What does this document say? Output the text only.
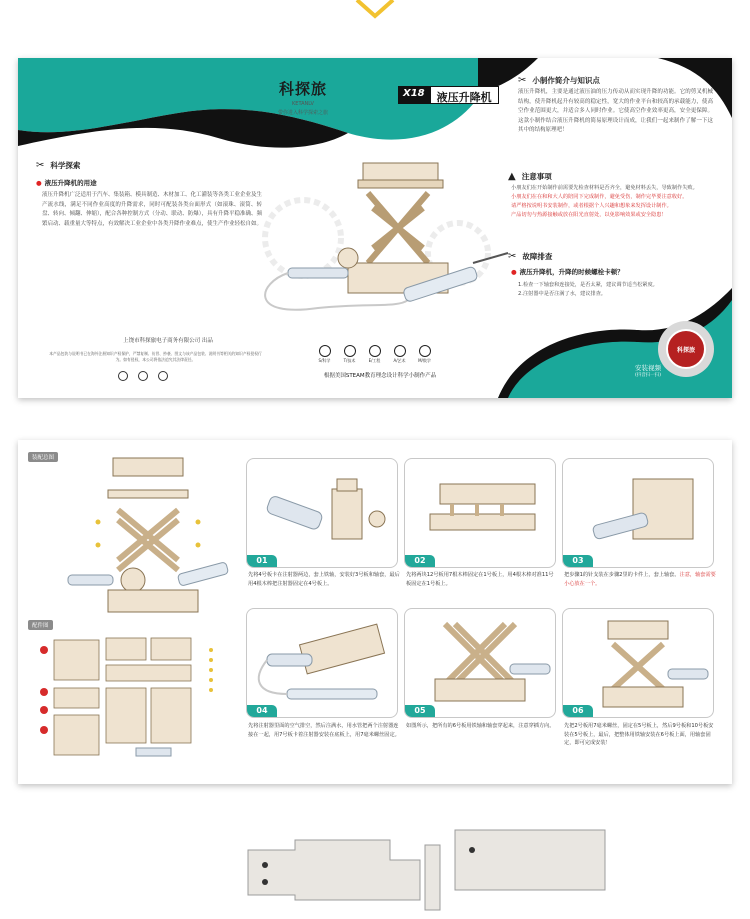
科探旅
KETANLV
带你进入科学探索之旅
X18	液压升降机
✂ 科学探索
● 液压升降机的用途
液压升降机广泛适用于汽车、集装箱、模具制造、木材加工、化工灌装等各类工业企业及生产流水线，满足不同作业高度的升降需求，同时可配装各类台面形式（如滚珠、滚筒、转盘、转向、倾翻、伸缩），配合各种控制方式（分动、联动、防爆），具有升降平稳准确、频繁启动、载重量大等特点，有效解决工业企业中各类升降作业难点，使生产作业轻松自如。
✂ 小制作简介与知识点
液压升降机，主要是通过液压油的压力传动从而实现升降的功能。它的剪叉机械结构，使升降机起升有较高的稳定性，宽大的作业平台和较高的承载能力，使高空作业范围更大，并适合多人同时作业。它使高空作业效率更高，安全更保障。这款小制作结合液压升降机的简易原理设计而成，让我们一起来制作了解一下这其中的结构原理吧！
▲ 注意事项
小朋友们在开始制作前需要先检查材料是否齐全，避免材料丢失，导致制作失败。
小朋友们在在和和大人的陪同下完成制作，避免受伤，制作完毕要注意收好。
请严格按说明书安装制作，或者根据个人兴趣和想象来发挥设计制作。
产品切勿与热源接触或放在阳光直射处，以免影响效果或安全隐患！
✂ 故障排查
● 液压升降机，升降的时候螺栓卡顿？
1.检查一下轴套和连接处，是否太紧，建议调节适当松紧度。
2.注射器中是否注满了水，建议排查。
上饶市科探旅电子商务有限公司 出品
本产品包装与说明书已在海外注册知识产权保护，严禁复制、仿冒、抄袭、图文与该产品包装、说明书等相关的知识产权侵权行为。如有侵权，本公司将依法追究其法律责任。	S/科学	T/技术	E/工程	A/艺术	M/数学
根据美国STEAM教育理念设计科学小制作产品
科探旅
安装视频
(抖音扫一扫)
装配总图
配件图
01
先将4号板卡在注射器两边，套上铁轴，安装好3号板和轴套，最后用4根木棒把注射器固定在4号板上。
02
先将两块12号板用7根木棒固定在1号板上，用4根木棒对准11号板固定在1号板上。
03
把步骤1的针支装在步骤2里的卡件上，套上轴套。注意，轴套需要小心放在一个。
04
先将注射器里面的空气排空，然后注满水，用水管把两个注射器连接在一起，用7号板卡着注射器安装在底板上，用7毫米螺丝固定。
05
如图所示，把所有的6号板用铁轴和轴套穿起来，注意穿插方向。
06
先把2号板用7毫米螺丝，固定在5号板上，然后9号板和10号板安装在5号板上，最后，把整体用铁轴安装在6号板上面，用轴套固定，即可完成安装！
